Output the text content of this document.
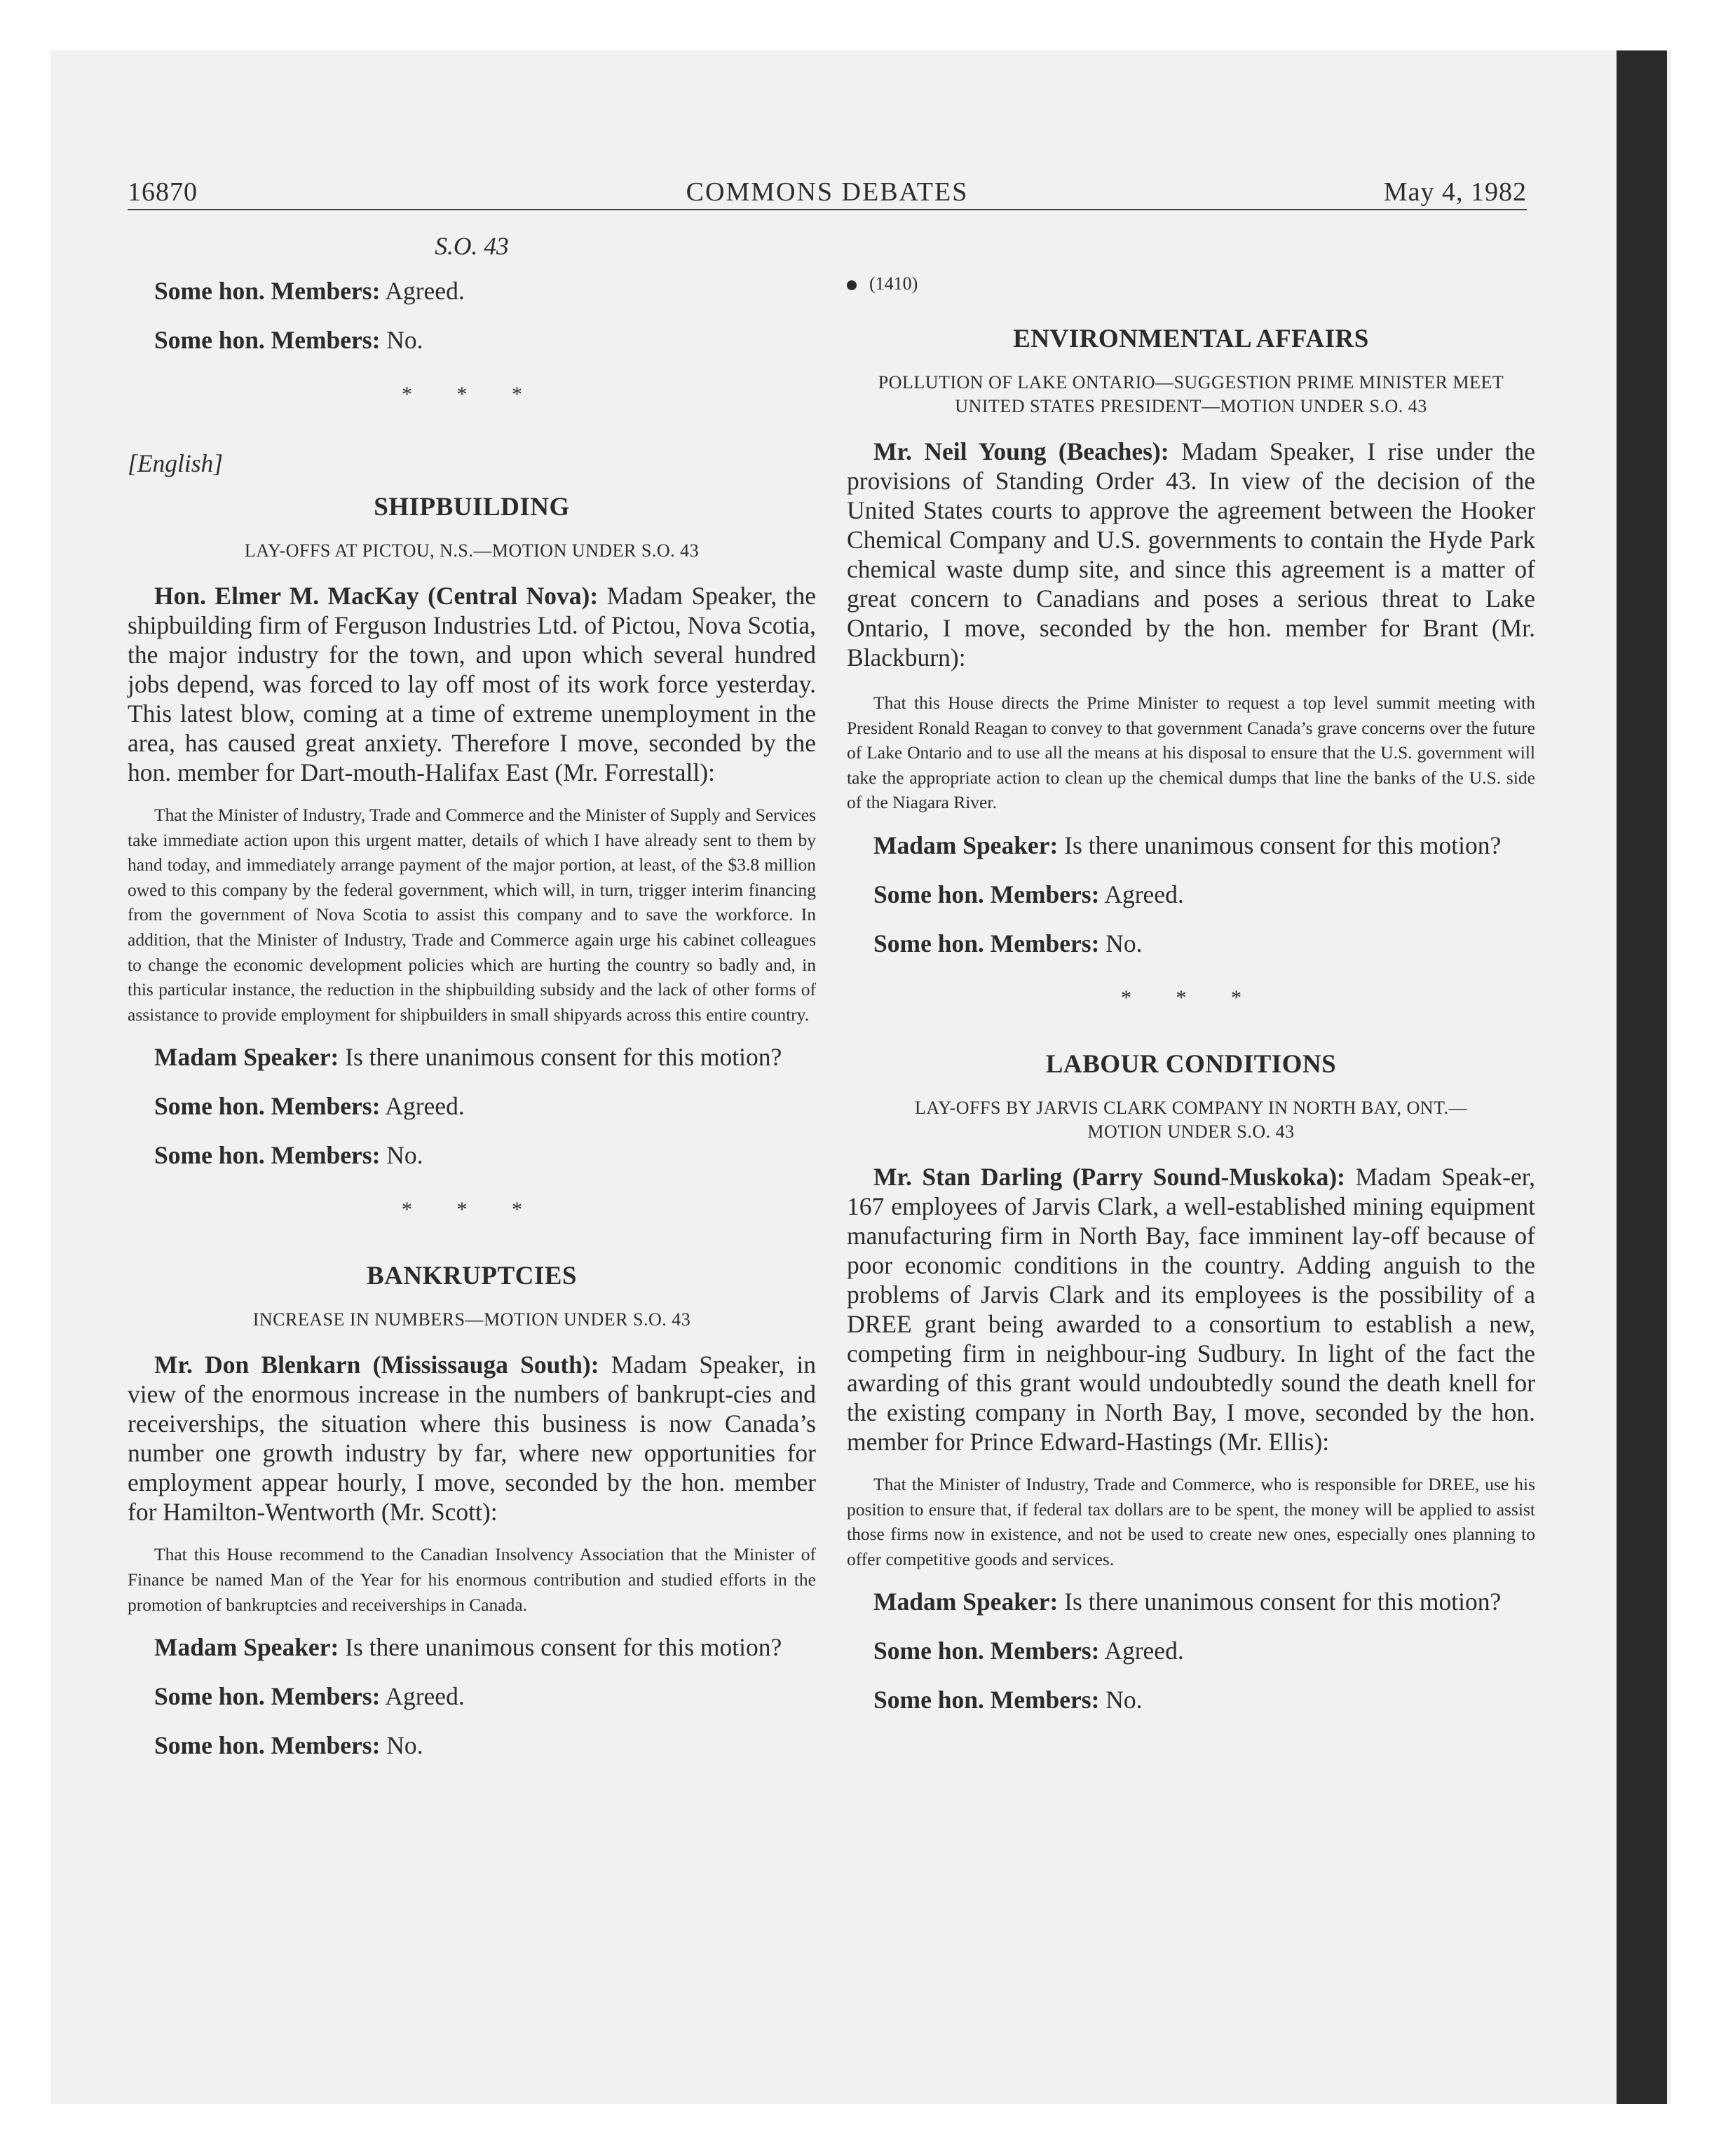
16870	COMMONS DEBATES	May 4, 1982

S.O. 43

Some hon. Members: Agreed.

Some hon. Members: No.

* * *

[English]

SHIPBUILDING

LAY-OFFS AT PICTOU, N.S.—MOTION UNDER S.O. 43

Hon. Elmer M. MacKay (Central Nova): Madam Speaker, the shipbuilding firm of Ferguson Industries Ltd. of Pictou, Nova Scotia, the major industry for the town, and upon which several hundred jobs depend, was forced to lay off most of its work force yesterday. This latest blow, coming at a time of extreme unemployment in the area, has caused great anxiety. Therefore I move, seconded by the hon. member for Dart-mouth-Halifax East (Mr. Forrestall):

That the Minister of Industry, Trade and Commerce and the Minister of Supply and Services take immediate action upon this urgent matter, details of which I have already sent to them by hand today, and immediately arrange payment of the major portion, at least, of the $3.8 million owed to this company by the federal government, which will, in turn, trigger interim financing from the government of Nova Scotia to assist this company and to save the workforce. In addition, that the Minister of Industry, Trade and Commerce again urge his cabinet colleagues to change the economic development policies which are hurting the country so badly and, in this particular instance, the reduction in the shipbuilding subsidy and the lack of other forms of assistance to provide employment for shipbuilders in small shipyards across this entire country.

Madam Speaker: Is there unanimous consent for this motion?

Some hon. Members: Agreed.

Some hon. Members: No.

* * *

BANKRUPTCIES

INCREASE IN NUMBERS—MOTION UNDER S.O. 43

Mr. Don Blenkarn (Mississauga South): Madam Speaker, in view of the enormous increase in the numbers of bankrupt-cies and receiverships, the situation where this business is now Canada’s number one growth industry by far, where new opportunities for employment appear hourly, I move, seconded by the hon. member for Hamilton-Wentworth (Mr. Scott):

That this House recommend to the Canadian Insolvency Association that the Minister of Finance be named Man of the Year for his enormous contribution and studied efforts in the promotion of bankruptcies and receiverships in Canada.

Madam Speaker: Is there unanimous consent for this motion?

Some hon. Members: Agreed.

Some hon. Members: No.

(1410)

ENVIRONMENTAL AFFAIRS

POLLUTION OF LAKE ONTARIO—SUGGESTION PRIME MINISTER MEET UNITED STATES PRESIDENT—MOTION UNDER S.O. 43

Mr. Neil Young (Beaches): Madam Speaker, I rise under the provisions of Standing Order 43. In view of the decision of the United States courts to approve the agreement between the Hooker Chemical Company and U.S. governments to contain the Hyde Park chemical waste dump site, and since this agreement is a matter of great concern to Canadians and poses a serious threat to Lake Ontario, I move, seconded by the hon. member for Brant (Mr. Blackburn):

That this House directs the Prime Minister to request a top level summit meeting with President Ronald Reagan to convey to that government Canada’s grave concerns over the future of Lake Ontario and to use all the means at his disposal to ensure that the U.S. government will take the appropriate action to clean up the chemical dumps that line the banks of the U.S. side of the Niagara River.

Madam Speaker: Is there unanimous consent for this motion?

Some hon. Members: Agreed.

Some hon. Members: No.

* * *

LABOUR CONDITIONS

LAY-OFFS BY JARVIS CLARK COMPANY IN NORTH BAY, ONT.—

MOTION UNDER S.O. 43

Mr. Stan Darling (Parry Sound-Muskoka): Madam Speak-er, 167 employees of Jarvis Clark, a well-established mining equipment manufacturing firm in North Bay, face imminent lay-off because of poor economic conditions in the country. Adding anguish to the problems of Jarvis Clark and its employees is the possibility of a DREE grant being awarded to a consortium to establish a new, competing firm in neighbour-ing Sudbury. In light of the fact the awarding of this grant would undoubtedly sound the death knell for the existing company in North Bay, I move, seconded by the hon. member for Prince Edward-Hastings (Mr. Ellis):

That the Minister of Industry, Trade and Commerce, who is responsible for DREE, use his position to ensure that, if federal tax dollars are to be spent, the money will be applied to assist those firms now in existence, and not be used to create new ones, especially ones planning to offer competitive goods and services.

Madam Speaker: Is there unanimous consent for this motion?

Some hon. Members: Agreed.

Some hon. Members: No.
